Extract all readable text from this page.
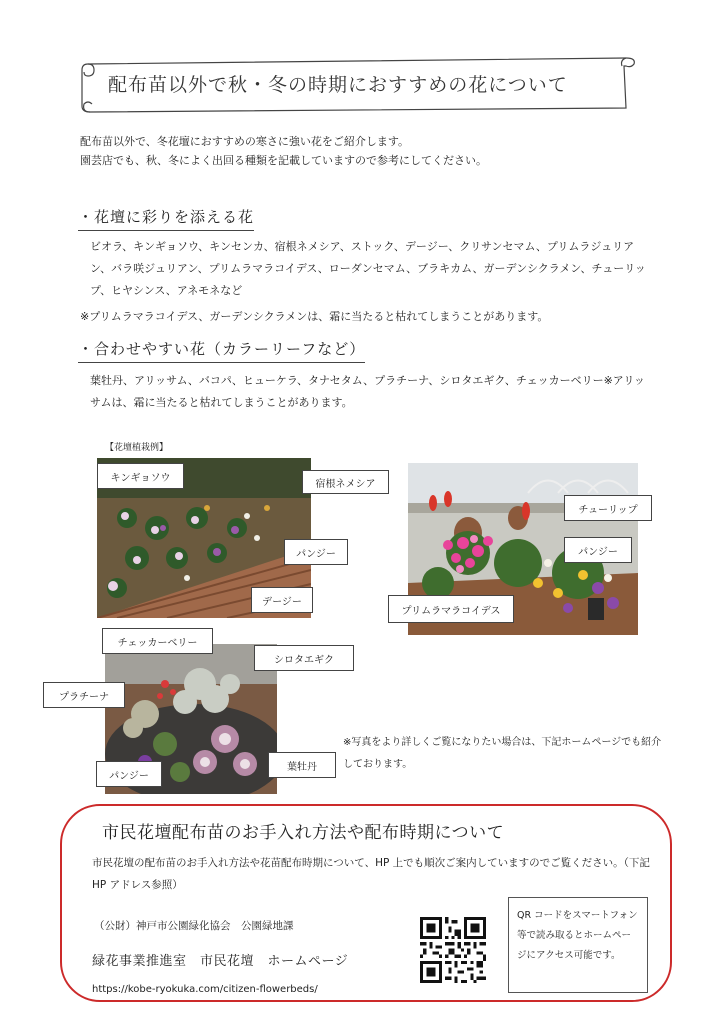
配布苗以外で秋・冬の時期におすすめの花について
配布苗以外で、冬花壇におすすめの寒さに強い花をご紹介します。
園芸店でも、秋、冬によく出回る種類を記載していますので参考にしてください。
・花壇に彩りを添える花
ビオラ、キンギョソウ、キンセンカ、宿根ネメシア、ストック、デージー、クリサンセマム、プリムラジュリアン、バラ咲ジュリアン、プリムラマラコイデス、ローダンセマム、ブラキカム、ガーデンシクラメン、チューリップ、ヒヤシンス、アネモネなど
※プリムラマラコイデス、ガーデンシクラメンは、霜に当たると枯れてしまうことがあります。
・合わせやすい花（カラーリーフなど）
葉牡丹、アリッサム、バコパ、ヒューケラ、タナセタム、プラチーナ、シロタエギク、チェッカーベリー※アリッサムは、霜に当たると枯れてしまうことがあります。
【花壇植栽例】
キンギョソウ
宿根ネメシア
パンジー
デージー
チューリップ
パンジー
プリムラマラコイデス
チェッカーベリー
シロタエギク
プラチーナ
パンジー
葉牡丹
※写真をより詳しくご覧になりたい場合は、下記ホームページでも紹介しております。
市民花壇配布苗のお手入れ方法や配布時期について
市民花壇の配布苗のお手入れ方法や花苗配布時期について、HP 上でも順次ご案内していますのでご覧ください。（下記 HP アドレス参照）
（公財）神戸市公園緑化協会　公園緑地課
緑花事業推進室　市民花壇　ホームページ
https://kobe-ryokuka.com/citizen-flowerbeds/
QR コードをスマートフォン等で読み取るとホームページにアクセス可能です。
